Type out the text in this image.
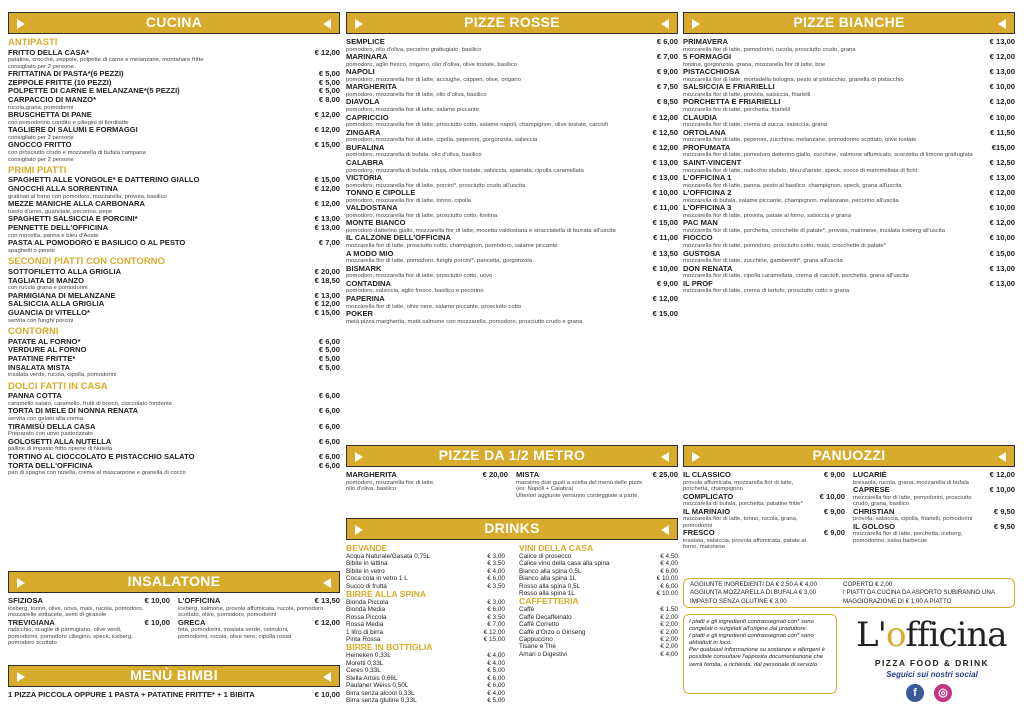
CUCINA
ANTIPASTI
FRITTO DELLA CASA*	€ 12,00
patatine, crocchè, zeppole, polpette di carne e melanzane, montanare fritte
consigliato per 2 persone
FRITTATINA DI PASTA*(6 PEZZI)	€ 5,00
ZEPPOLE FRITTE (10 PEZZI)	€ 5,00
POLPETTE DI CARNE E MELANZANE*(5 PEZZI)	€ 5,00
CARPACCIO DI MANZO*	€ 8,00
rucola,grana, pomodorini
BRUSCHETTA DI PANE	€ 12,00
con pomodorino condito e ciliegini di fiordilatte
TAGLIERE DI SALUMI E FORMAGGI	€ 12,00
consigliato per 2 persone
GNOCCO FRITTO	€ 15,00
con prosciutto crudo e mozzarella di bufala campana
consigliato per 2 persone
PRIMI PIATTI
SPAGHETTI ALLE VONGOLE* E DATTERINO GIALLO	€ 15,00
GNOCCHI ALLA SORRENTINA	€ 12,00
gratinati al forno con pomodoro, mozzarella, provola, basilico
MEZZE MANICHE ALLA CARBONARA	€ 12,00
tuorlo d'uovo, guanciale, pecorino, pepe
SPAGHETTI SALSICCIA E PORCINI*	€ 13,00
PENNETTE DELL'OFFICINA	€ 13,00
con mocetta, panna e bleu d'Aoste
PASTA AL POMODORO E BASILICO O AL PESTO	€ 7,00
spaghetti o penne
SECONDI PIATTI CON CONTORNO
SOTTOFILETTO ALLA GRIGLIA	€ 20,00
TAGLIATA DI MANZO	€ 18,50
con rucola grana e pomodorini
PARMIGIANA DI MELANZANE	€ 13,00
SALSICCIA ALLA GRIGLIA	€ 12,00
GUANCIA DI VITELLO*	€ 15,00
servita con funghi porcini
CONTORNI
PATATE AL FORNO*	€ 6,00
VERDURE AL FORNO	€ 5,00
PATATINE FRITTE*	€ 5,00
INSALATA MISTA	€ 5,00
insalata verde, rucola, cipolla, pomodorini
DOLCI FATTI IN CASA
PANNA COTTA	€ 6,00
caramello salato, caramello, frutti di bosco, cioccolato fondente
TORTA DI MELE DI NONNA RENATA	€ 6,00
servita con gelato alla crema
TIRAMISÙ DELLA CASA	€ 6,00
Preparato con uovo pastorizzato
GOLOSETTI ALLA NUTELLA	€ 6,00
palline di impasto fritto ripiene di Nutella
TORTINO AL CIOCCOLATO E PISTACCHIO SALATO	€ 6,00
TORTA DELL'OFFICINA	€ 6,00
pan di spagna con nutella, crema al mascarpone e granella di cocco
INSALATONE
SFIZIOSA	€ 10,00
iceberg, tonno, olive, uova, mais, rucola, pomodoro,
mozzarelle sottacete, semi di girasole
TREVIGIANA	€ 10,00
radicchio, scaglie di parmigiano, olive verdi,
pomodorini, pomodoro ciliegino, speck, iceberg,
pomodoro scottato
L'OFFICINA	€ 13,50
iceberg, salmone, provola affumicata, rucola, pomodoro
scottato, olive, pomodoro, pomodorini
GRECA	€ 12,00
feta, pomodorini, insalata verde, cetrioloni,
pomodorini, rucola, olive nere, cipolla rossa
MENÙ BIMBI
1 PIZZA PICCOLA OPPURE 1 PASTA + PATATINE FRITTE* + 1 BIBITA	€ 10,00
PIZZE ROSSE
SEMPLICE	€ 6,00
pomodoro, olio d'oliva, pecorino grattugiato, basilico
MARINARA	€ 7,00
pomodoro, aglio fresco, origano, olio d'oliva, olive tostate, basilico
NAPOLI	€ 9,00
pomodoro, mozzarella fior di latte, acciughe, capperi, olive, origano
MARGHERITA	€ 7,50
pomodoro, mozzarella fior di latte, olio d'oliva, basilico
DIAVOLA	€ 8,50
pomodoro, mozzarella fior di latte, salame piccante
CAPRICCIO	€ 12,00
pomodoro, mozzarella fior di latte, prosciutto cotto, salame napoli, champignon, olive tostate, carciofi
ZINGARA	€ 12,50
pomodoro, mozzarella fior di latte, cipolla, peperoni, gorgonzola, salsiccia
BUFALINA	€ 12,00
pomodoro, mozzarella di bufala, olio d'oliva, basilico
CALABRA	€ 13,00
pomodoro, mozzarella di bufala, nduja, olive tostate, salsiccia, spianata, cipolla caramellata
VICTORIA	€ 13,00
pomodoro, mozzarella fior di latte, porcini*, prosciutto crudo all'uscita
TONNO E CIPOLLE	€ 10,00
pomodoro, mozzarella fior di latte, tonno, cipolla
VALDOSTANA	€ 11,00
pomodoro, mozzarella fior di latte, prosciutto cotto, fontina
MONTE BIANCO	€ 15,00
pomodoro datterino giallo, mozzarella fior di latte, mocetta valdostana e stracciatella di burrata all'uscita
IL CALZONE DELL'OFFICINA	€ 11,00
mozzarella fior di latte, prosciutto cotto, champignon, pomodoro, salame piccante
A MODO MIO	€ 13,50
mozzarella fior di latte, pomodoro, funghi porcini*, pancetta, gorgonzola
BISMARK	€ 10,00
pomodoro, mozzarella fior di latte, prosciutto cotto, uovo
CONTADINA	€ 9,00
pomodoro, salsiccia, aglio fresco, basilico e pecorino
PAPERINA	€ 12,00
mozzarella fior di latte, olive nere, salame piccante, prosciutto cotto
POKER	€ 15,00
metà pizza margherita, metà salmone con mozzarella, pomodoro, prosciutto crudo e grana
PIZZE DA 1/2 METRO
MARGHERITA	€ 20,00
pomodoro, mozzarella fior di latte,
olio d'oliva, basilico
MISTA	€ 25,00
massimo due gusti a scelta del menù delle pizze
(es: Napoli + Calabra)
Ulteriori aggiunte verranno conteggiate a parte.
DRINKS
BEVANDE
Acqua Naturale/Gasata 0,75L	€ 3,00
Bibite in lattina	€ 3,50
Bibite in vetro	€ 4,00
Coca cola in vetro 1 L	€ 6,00
Succo di frutta	€ 3,50
BIRRE ALLA SPINA
Bionda Piccola	€ 3,00
Bionda Media	€ 6,00
Rossa Piccola	€ 3,50
Rossa Media	€ 7,00
1 litro di birra	€ 12,00
Pinta Rossa	€ 15,00
BIRRE IN BOTTIGLIA
Heineken 0,33L	€ 4,00
Moretti 0,33L	€ 4,00
Ceres 0,33L	€ 5,00
Stella Artois 0,66L	€ 6,00
Paulaner Weiss 0,50L	€ 6,00
Birra senza alcool 0,33L	€ 4,00
Birra senza glutine 0,33L	€ 5,00
VINI DELLA CASA
Calice di prosecco	€ 4,50
Calice vino della casa alla spina	€ 4,00
Bianco alla spina 0,5L	€ 6,00
Bianco alla spina 1L	€ 10,00
Rosso alla spina 0,5L	€ 6,00
Rosso alla spina 1L	€ 10,00
CAFFETTERIA
Caffè	€ 1,50
Caffè Decaffeinato	€ 2,00
Caffè Corretto	€ 2,00
Caffè d'Orzo o Ginseng	€ 2,00
Cappuccino	€ 2,00
Tisane e Thè	€ 2,00
Amari o Digestivi	€ 4,00
PIZZE BIANCHE
PRIMAVERA	€ 13,00
mozzarella fior di latte, pomodorini, rucola, prosciutto crudo, grana
5 FORMAGGI	€ 12,00
fontina, gorgonzola, grana, mozzarella fior di latte, brie
PISTACCHIOSA	€ 13,00
mozzarella fior di latte, mortadella bologna, pesto al pistacchio, granella di pistacchio
SALSICCIA E FRIARIELLI	€ 10,00
mozzarella fior di latte, provola, salsiccia, friarielli
PORCHETTA E FRIARIELLI	€ 12,00
mozzarella fior di latte, porchetta, friarielli
CLAUDIA	€ 10,00
mozzarella fior di latte, crema di zucca, salsiccia, grana
ORTOLANA	€ 11,50
mozzarella fior di latte, peperoni, zucchine, melanzane, pomodorino scottato, olive tostate
PROFUMATA	€15,00
mozzarella fior di latte, pomodoro datterino giallo, zucchine, salmone affumicato, scorzetta di limone grattugiata
SAINT-VINCENT	€ 12,50
mozzarella fior di latte, radicchio stufato, bleu d'aoste, speck, zocco di mammellata di fichi
L'OFFICINA 1	€ 13,00
mozzarella fior di latte, panna, pesto al basilico, champignon, speck, grana all'uscita
L'OFFICINA 2	€ 12,00
mozzarella di bufala, salame piccante, champignon, melanzane, pecorino all'uscita
L'OFFICINA 3	€ 10,00
mozzarella fior di latte, provola, patate al forno, salsiccia e grana
PAC MAN	€ 12,00
mozzarella fior di latte, porchetta, crocchette di patate*, provola, maionese, insalata iceberg all'uscita
FIOCCO	€ 10,00
mozzarella fior di latte, pomodoro, prosciutto cotto, mais, crocchette di patate*
GUSTOSA	€ 15,00
mozzarella fior di latte, zucchine, gamberetti*, grana all'uscita
DON RENATA	€ 13,00
mozzarella fior di latte, cipolla caramellata, crema di carciofi, porchetta, grana all'uscita
IL PROF	€ 13,00
mozzarella fior di latte, crema di tartufo, prosciutto cotto e grana
PANUOZZI
IL CLASSICO	€ 9,00
provola affumicata, mozzarella fior di latte,
porchetta, champignon
COMPLICATO	€ 10,00
mozzarella di bufala, porchetta, patatine fritte*
IL MARINAIO	€ 9,00
mozzarella fior di latte, tonno, rucola, grana,
pomodorini
FRESCO	€ 9,00
insalata, salsiccia, provola affumicata, patate al
forno, maionese
LUCARIÉ	€ 12,00
bresaola, rucola, grana, mozzarella di bufala
CAPRESE	€ 10,00
mozzarella fior di latte, pomodorini, prosciutto
crudo, grana, basilico
CHRISTIAN	€ 9,50
provola, salsiccia, cipolla, friarielli, pomodorini
IL GOLOSO	€ 9,50
mozzarella fior di latte, porchetta, iceberg,
pomodorino, salsa barbecue
AGGIUNTE INGREDIENTI DA € 2,50 A € 4,00	COPERTO € 2,00
AGGIUNTA MOZZARELLA DI BUFALA € 3,00	I PIATTI DA CUCINA DA ASPORTO SUBIRANNO UNA
IMPASTO SENZA GLUTINE € 3,00	MAGGIORAZIONE DI € 1,00 A PIATTO
I piatti e gli ingredienti contrassegnati con* sono
congelati o surgelati all'origine dal produttore.
I piatti e gli ingredienti contrassegnati con* sono
abbattuti in loco.
Per qualsiasi informazione su sostanze e allergeni è
possibile consultare l'apposita documentazione che
verrà fornita, a richiesta, dal personale di servizio.
L'officina
PIZZA FOOD & DRINK
Seguici sui nostri social
f	◎
